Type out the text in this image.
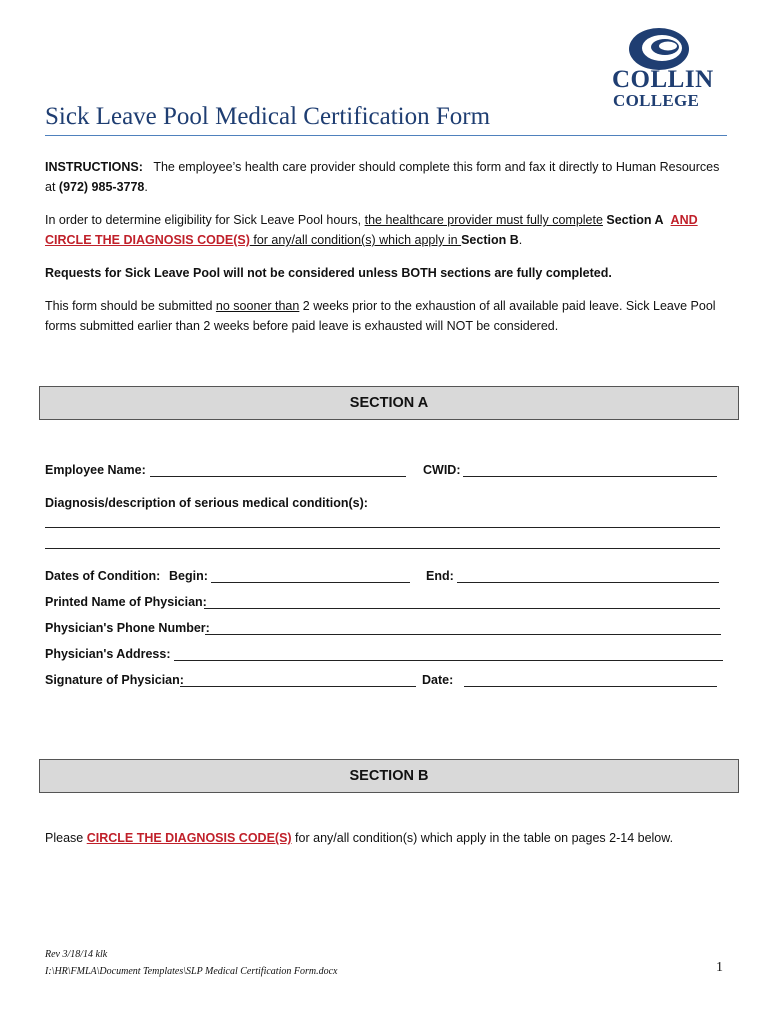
COLLIN
COLLEGE
Sick Leave Pool Medical Certification Form
INSTRUCTIONS: The employee’s health care provider should complete this form and fax it directly to Human Resources
at (972) 985-3778.
In order to determine eligibility for Sick Leave Pool hours, the healthcare provider must fully complete Section A AND
CIRCLE THE DIAGNOSIS CODE(S) for any/all condition(s) which apply in Section B.
Requests for Sick Leave Pool will not be considered unless BOTH sections are fully completed.
This form should be submitted no sooner than 2 weeks prior to the exhaustion of all available paid leave. Sick Leave Pool
forms submitted earlier than 2 weeks before paid leave is exhausted will NOT be considered.
SECTION A
Employee Name:	CWID:
Diagnosis/description of serious medical condition(s):
Dates of Condition: Begin:	End:
Printed Name of Physician:
Physician's Phone Number:
Physician's Address:
Signature of Physician:	Date:
SECTION B
Please CIRCLE THE DIAGNOSIS CODE(S) for any/all condition(s) which apply in the table on pages 2-14 below.
Rev 3/18/14 klk
I:\HR\FMLA\Document Templates\SLP Medical Certification Form.docx	1
